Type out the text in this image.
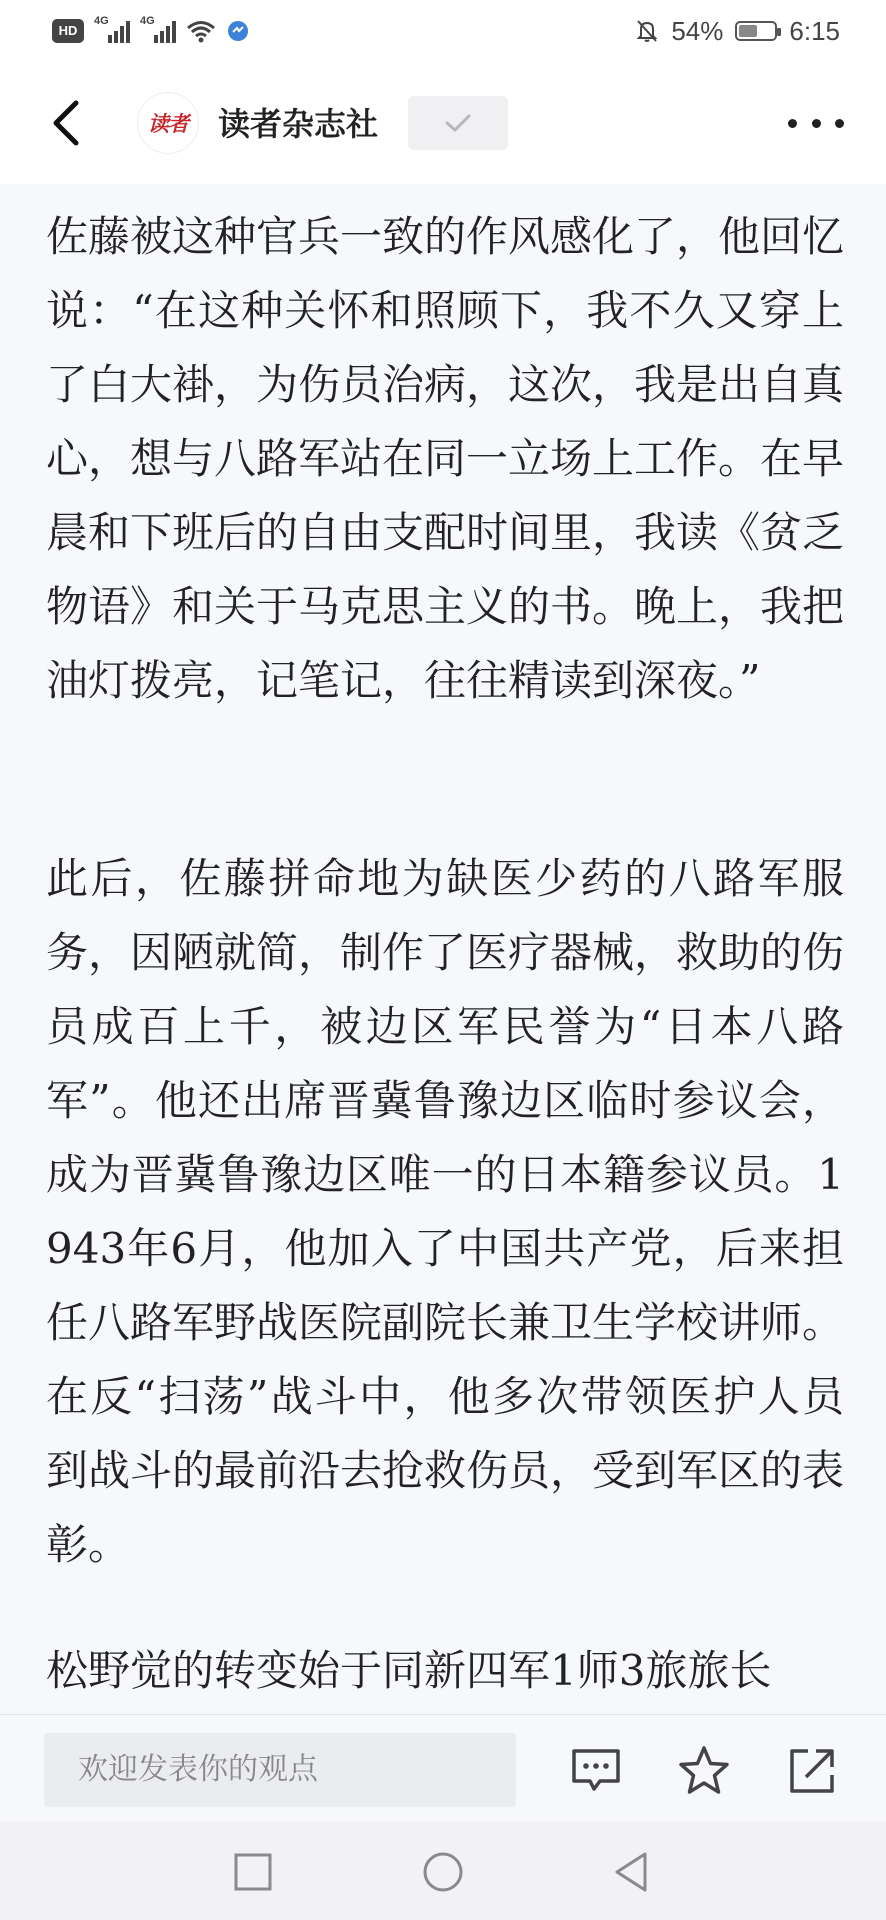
HD
4G	4G	54%	6:15
读者 读者杂志社

佐藤被这种官兵一致的作风感化了，他回忆说：“在这种关怀和照顾下，我不久又穿上了白大褂，为伤员治病，这次，我是出自真心，想与八路军站在同一立场上工作。在早晨和下班后的自由支配时间里，我读《贫乏物语》和关于马克思主义的书。晚上，我把油灯拨亮，记笔记，往往精读到深夜。”

此后，佐藤拼命地为缺医少药的八路军服务，因陋就简，制作了医疗器械，救助的伤员成百上千，被边区军民誉为“日本八路军”。他还出席晋冀鲁豫边区临时参议会，成为晋冀鲁豫边区唯一的日本籍参议员。1943年6月，他加入了中国共产党，后来担任八路军野战医院副院长兼卫生学校讲师。在反“扫荡”战斗中，他多次带领医护人员到战斗的最前沿去抢救伤员，受到军区的表彰。

松野觉的转变始于同新四军1师3旅旅长

欢迎发表你的观点
